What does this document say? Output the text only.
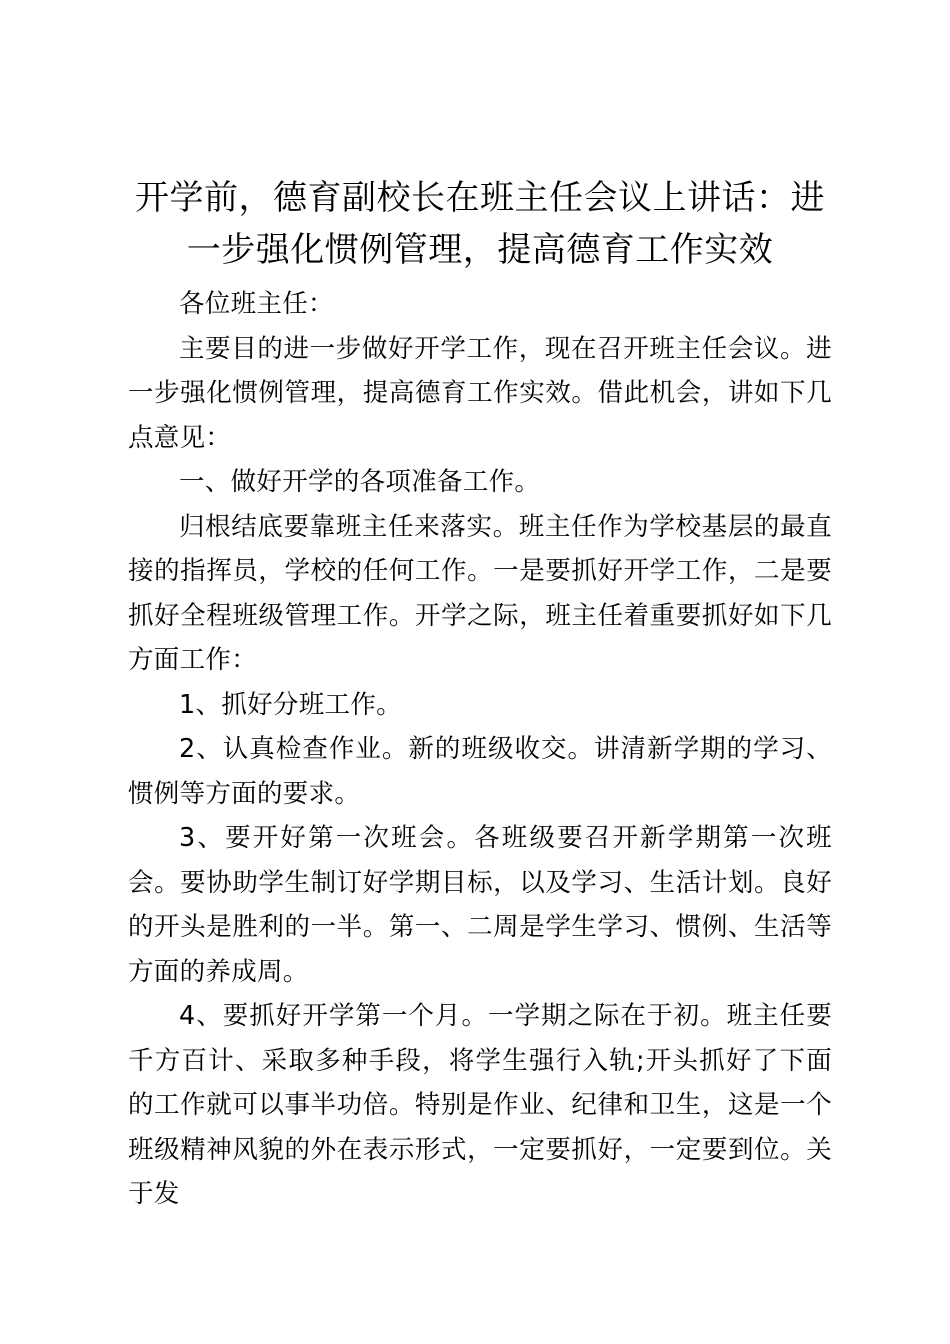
开学前，德育副校长在班主任会议上讲话：进一步强化惯例管理，提高德育工作实效

各位班主任：

主要目的进一步做好开学工作，现在召开班主任会议。进一步强化惯例管理，提高德育工作实效。借此机会，讲如下几点意见：

一、做好开学的各项准备工作。

归根结底要靠班主任来落实。班主任作为学校基层的最直接的指挥员，学校的任何工作。一是要抓好开学工作，二是要抓好全程班级管理工作。开学之际，班主任着重要抓好如下几方面工作：

1、抓好分班工作。

2、认真检查作业。新的班级收交。讲清新学期的学习、惯例等方面的要求。

3、要开好第一次班会。各班级要召开新学期第一次班会。要协助学生制订好学期目标，以及学习、生活计划。良好的开头是胜利的一半。第一、二周是学生学习、惯例、生活等方面的养成周。

4、要抓好开学第一个月。一学期之际在于初。班主任要千方百计、采取多种手段，将学生强行入轨;开头抓好了下面的工作就可以事半功倍。特别是作业、纪律和卫生，这是一个班级精神风貌的外在表示形式，一定要抓好，一定要到位。关于发
